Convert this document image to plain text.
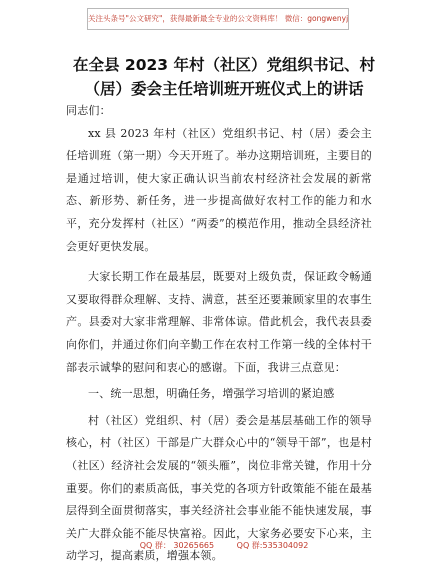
关注头条号"公文研究"，获得最新最全专业的公文资料库！ 微信：gongwenyj
在全县 2023 年村（社区）党组织书记、村
（居）委会主任培训班开班仪式上的讲话

同志们：

xx 县 2023 年村（社区）党组织书记、村（居）委会主任培训班（第一期）今天开班了。举办这期培训班，主要目的是通过培训，使大家正确认识当前农村经济社会发展的新常态、新形势、新任务，进一步提高做好农村工作的能力和水平，充分发挥村（社区）“两委”的模范作用，推动全县经济社会更好更快发展。

大家长期工作在最基层，既要对上级负责，保证政令畅通又要取得群众理解、支持、满意，甚至还要兼顾家里的农事生产。县委对大家非常理解、非常体谅。借此机会，我代表县委向你们，并通过你们向辛勤工作在农村工作第一线的全体村干部表示诚挚的慰问和衷心的感谢。下面，我讲三点意见：

一、统一思想，明确任务，增强学习培训的紧迫感

村（社区）党组织、村（居）委会是基层基础工作的领导核心，村（社区）干部是广大群众心中的“领导干部”，也是村（社区）经济社会发展的“领头雁”，岗位非常关键，作用十分重要。你们的素质高低，事关党的各项方针政策能不能在最基层得到全面贯彻落实，事关经济社会事业能不能快速发展，事关广大群众能不能尽快富裕。因此，大家务必要安下心来，主动学习，提高素质，增强本领。

QQ 群： 30265665	QQ 群:535304092
